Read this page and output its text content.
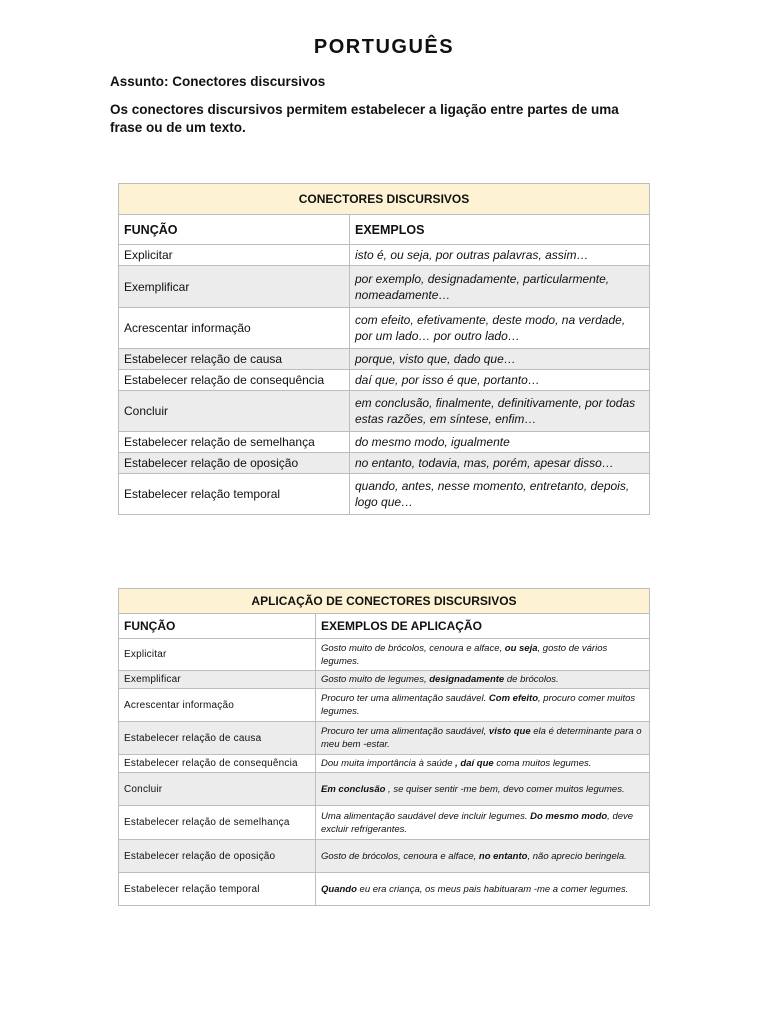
PORTUGUÊS
Assunto: Conectores discursivos
Os conectores discursivos permitem estabelecer a ligação entre partes de uma frase ou de um texto.
CONECTORES DISCURSIVOS	
FUNÇÃO	EXEMPLOS
Explicitar	isto é, ou seja, por outras palavras, assim…
Exemplificar	por exemplo, designadamente, particularmente, nomeadamente…
Acrescentar informação	com efeito, efetivamente, deste modo, na verdade, por um lado… por outro lado…
Estabelecer relação de causa	porque, visto que, dado que…
Estabelecer relação de consequência	daí que, por isso é que, portanto…
Concluir	em conclusão, finalmente, definitivamente, por todas estas razões, em síntese, enfim…
Estabelecer relação de semelhança	do mesmo modo, igualmente
Estabelecer relação de oposição	no entanto, todavia, mas, porém, apesar disso…
Estabelecer relação temporal	quando, antes, nesse momento, entretanto, depois, logo que…
APLICAÇÃO DE CONECTORES DISCURSIVOS	
FUNÇÃO	EXEMPLOS DE APLICAÇÃO
Explicitar	Gosto muito de brócolos, cenoura e alface, ou seja, gosto de vários legumes.
Exemplificar	Gosto muito de legumes, designadamente de brócolos.
Acrescentar informação	Procuro ter uma alimentação saudável. Com efeito, procuro comer muitos legumes.
Estabelecer relação de causa	Procuro ter uma alimentação saudável, visto que ela é determinante para o meu bem -estar.
Estabelecer relação de consequência	Dou muita importância à saúde , daí que coma muitos legumes.
Concluir	Em conclusão , se quiser sentir -me bem, devo comer muitos legumes.
Estabelecer relação de semelhança	Uma alimentação saudável deve incluir legumes. Do mesmo modo, deve excluir refrigerantes.
Estabelecer relação de oposição	Gosto de brócolos, cenoura e alface, no entanto, não aprecio beringela.
Estabelecer relação temporal	Quando eu era criança, os meus pais habituaram -me a comer legumes.
